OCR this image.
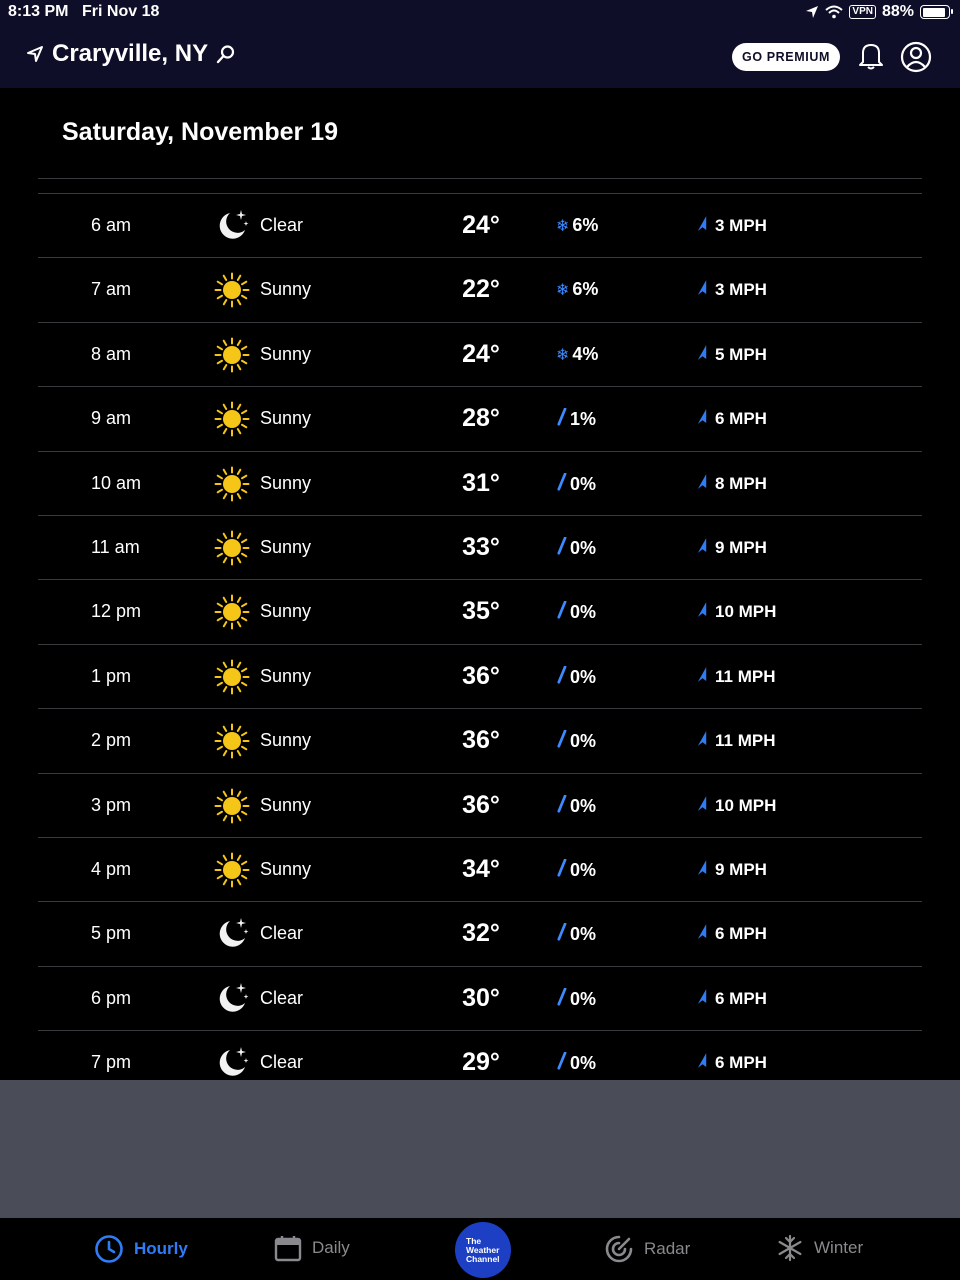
8:13 PM Fri Nov 18	VPN 88%
Craryville, NY	GO PREMIUM
Saturday, November 19
6 am	Clear	24°	❄ 6%	3 MPH
7 am	Sunny	22°	❄ 6%	3 MPH
8 am	Sunny	24°	❄ 4%	5 MPH
9 am	Sunny	28°	1%	6 MPH
10 am	Sunny	31°	0%	8 MPH
11 am	Sunny	33°	0%	9 MPH
12 pm	Sunny	35°	0%	10 MPH
1 pm	Sunny	36°	0%	11 MPH
2 pm	Sunny	36°	0%	11 MPH
3 pm	Sunny	36°	0%	10 MPH
4 pm	Sunny	34°	0%	9 MPH
5 pm	Clear	32°	0%	6 MPH
6 pm	Clear	30°	0%	6 MPH
7 pm	Clear	29°	0%	6 MPH
Hourly	Daily	The
Weather
Channel
Radar	Winter
